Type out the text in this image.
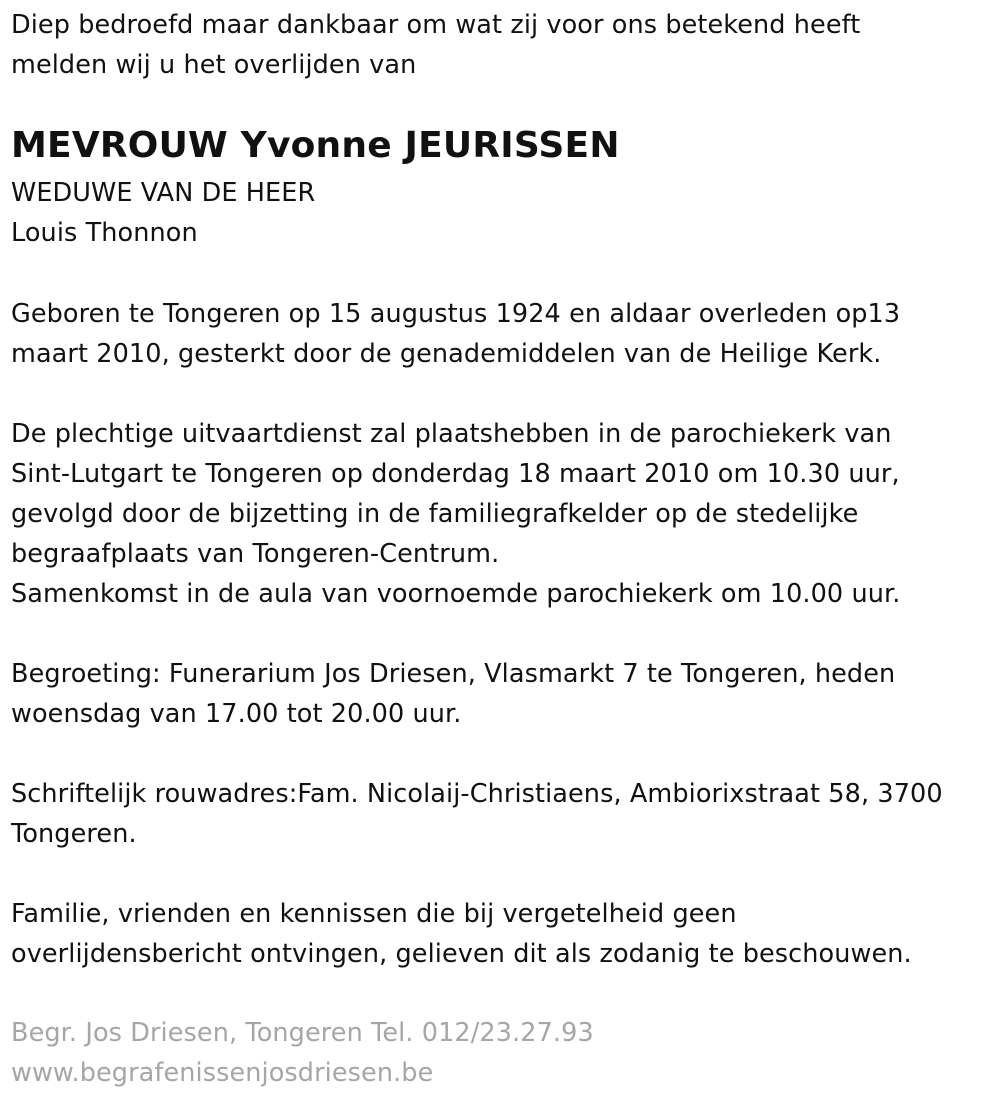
Diep bedroefd maar dankbaar om wat zij voor ons betekend heeft
melden wij u het overlijden van

MEVROUW Yvonne JEURISSEN

WEDUWE VAN DE HEER
Louis Thonnon

Geboren te Tongeren op 15 augustus 1924 en aldaar overleden op13
maart 2010, gesterkt door de genademiddelen van de Heilige Kerk.

De plechtige uitvaartdienst zal plaatshebben in de parochiekerk van
Sint-Lutgart te Tongeren op donderdag 18 maart 2010 om 10.30 uur,
gevolgd door de bijzetting in de familiegrafkelder op de stedelijke
begraafplaats van Tongeren-Centrum.
Samenkomst in de aula van voornoemde parochiekerk om 10.00 uur.

Begroeting: Funerarium Jos Driesen, Vlasmarkt 7 te Tongeren, heden
woensdag van 17.00 tot 20.00 uur.

Schriftelijk rouwadres:Fam. Nicolaij-Christiaens, Ambiorixstraat 58, 3700
Tongeren.

Familie, vrienden en kennissen die bij vergetelheid geen
overlijdensbericht ontvingen, gelieven dit als zodanig te beschouwen.

Begr. Jos Driesen, Tongeren Tel. 012/23.27.93
www.begrafenissenjosdriesen.be
